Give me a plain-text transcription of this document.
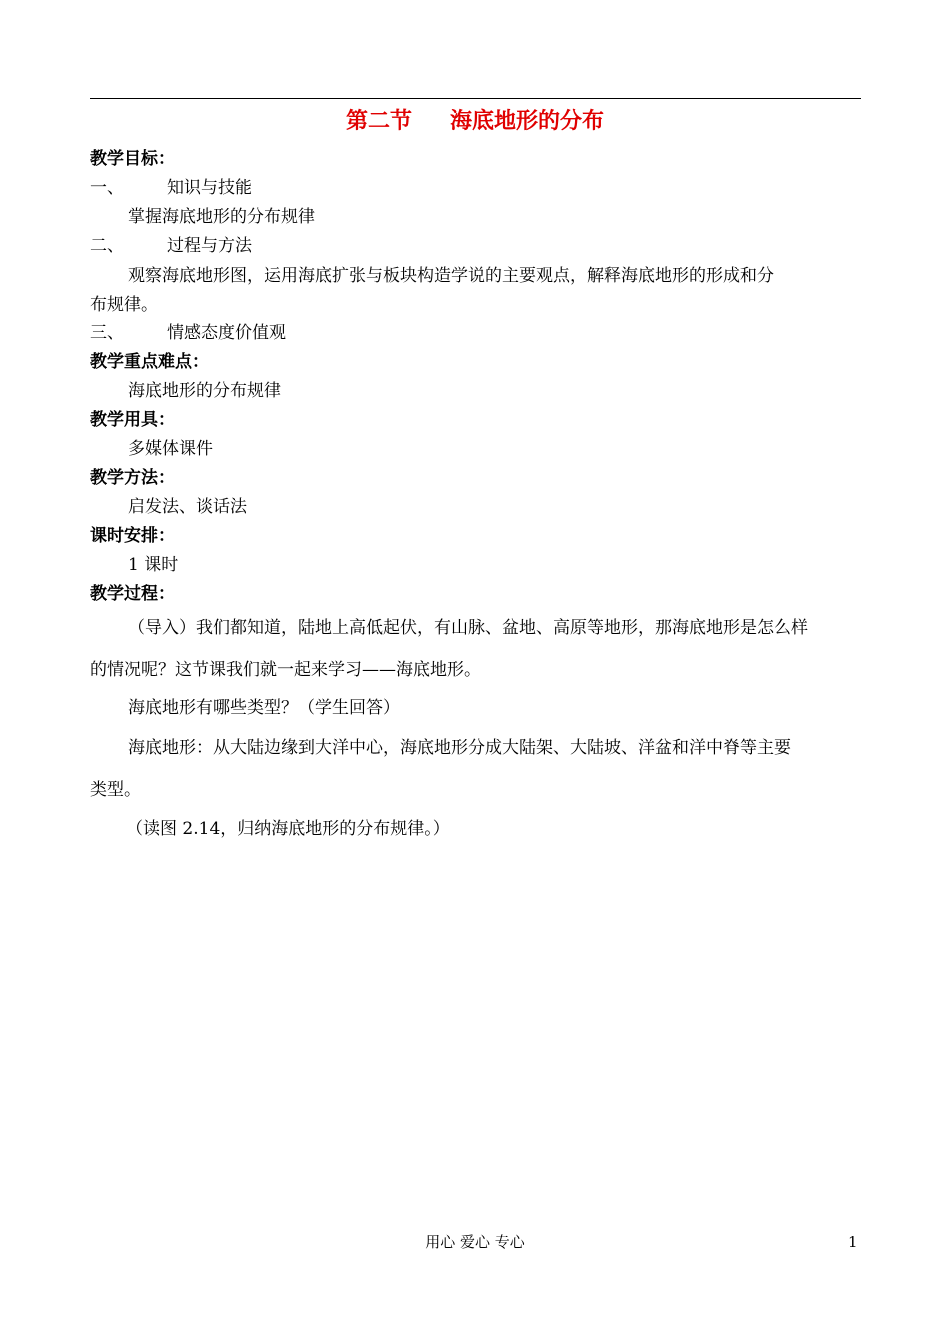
第二节 海底地形的分布
教学目标：
一、	知识与技能
掌握海底地形的分布规律
二、	过程与方法
观察海底地形图，运用海底扩张与板块构造学说的主要观点，解释海底地形的形成和分
布规律。
三、	情感态度价值观
教学重点难点：
海底地形的分布规律
教学用具：
多媒体课件
教学方法：
启发法、谈话法
课时安排：
1 课时
教学过程：
（导入）我们都知道，陆地上高低起伏，有山脉、盆地、高原等地形，那海底地形是怎么样
的情况呢？这节课我们就一起来学习——海底地形。
海底地形有哪些类型？（学生回答）
海底地形：从大陆边缘到大洋中心，海底地形分成大陆架、大陆坡、洋盆和洋中脊等主要
类型。
（读图 2.14，归纳海底地形的分布规律。）
用心 爱心 专心	1
